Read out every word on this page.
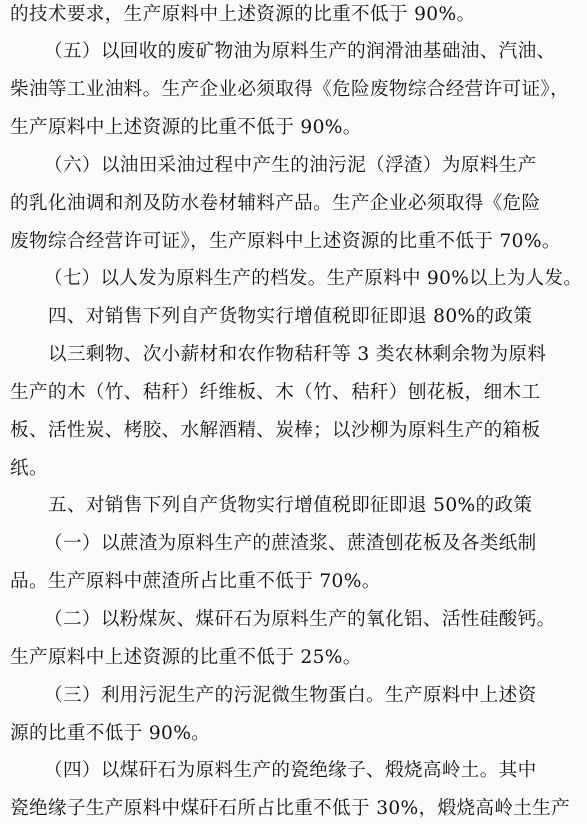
的技术要求，生产原料中上述资源的比重不低于 90%。
（五）以回收的废矿物油为原料生产的润滑油基础油、汽油、
柴油等工业油料。生产企业必须取得《危险废物综合经营许可证》，
生产原料中上述资源的比重不低于 90%。
（六）以油田采油过程中产生的油污泥（浮渣）为原料生产
的乳化油调和剂及防水卷材辅料产品。生产企业必须取得《危险
废物综合经营许可证》，生产原料中上述资源的比重不低于 70%。
（七）以人发为原料生产的档发。生产原料中 90%以上为人发。
四、对销售下列自产货物实行增值税即征即退 80%的政策
以三剩物、次小薪材和农作物秸秆等 3 类农林剩余物为原料
生产的木（竹、秸秆）纤维板、木（竹、秸秆）刨花板，细木工
板、活性炭、栲胶、水解酒精、炭棒；以沙柳为原料生产的箱板
纸。
五、对销售下列自产货物实行增值税即征即退 50%的政策
（一）以蔗渣为原料生产的蔗渣浆、蔗渣刨花板及各类纸制
品。生产原料中蔗渣所占比重不低于 70%。
（二）以粉煤灰、煤矸石为原料生产的氧化铝、活性硅酸钙。
生产原料中上述资源的比重不低于 25%。
（三）利用污泥生产的污泥微生物蛋白。生产原料中上述资
源的比重不低于 90%。
（四）以煤矸石为原料生产的瓷绝缘子、煅烧高岭土。其中
瓷绝缘子生产原料中煤矸石所占比重不低于 30%，煅烧高岭土生产
